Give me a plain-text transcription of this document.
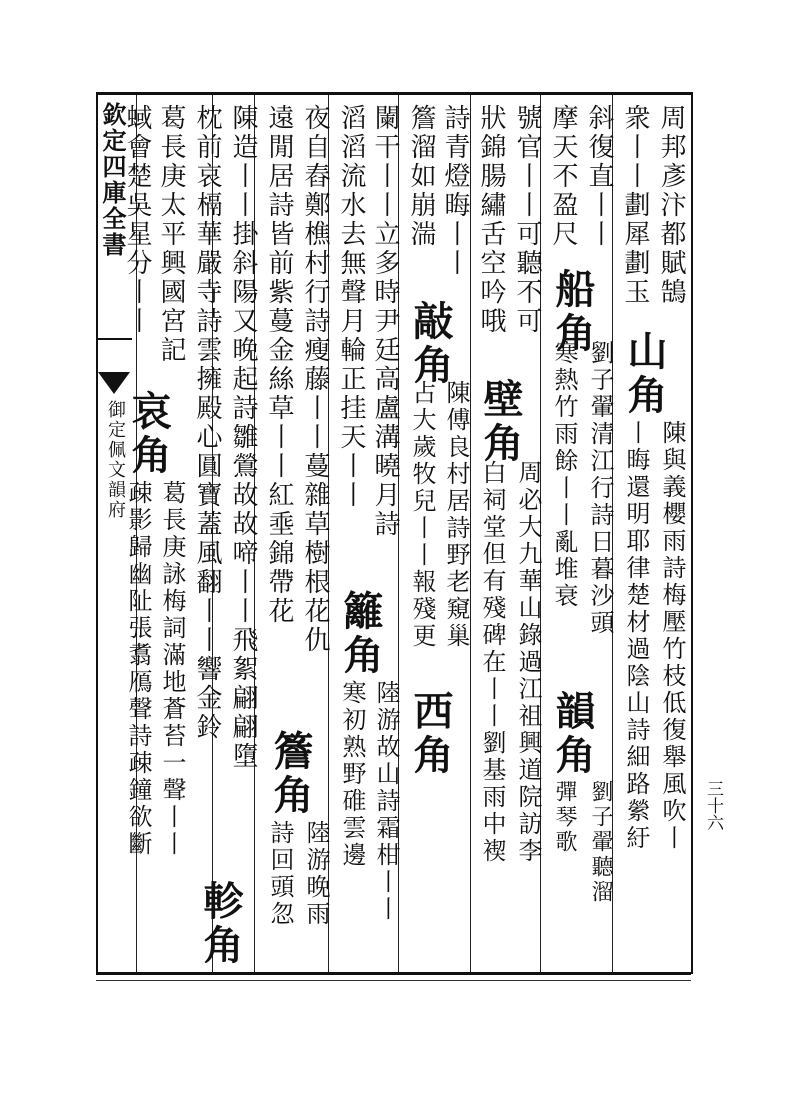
欽定四庫全書
御定佩文韻府
三十六
周邦彥汴都賦鵠
衆丨丨劃犀劃玉
斜復直丨丨
摩天不盈尺
號官丨丨可聽不可
狀錦腸繡舌空吟哦
詩青燈晦丨丨
簷溜如崩湍
闌干丨丨立多時尹廷高盧溝曉月詩
滔滔流水去無聲月輪正挂天丨丨
夜自舂鄭樵村行詩瘦藤丨丨蔓雜草樹根花仇
遠閒居詩皆前紫蔓金絲草丨丨紅埀錦帶花
陳造丨丨掛斜陽又晚起詩雛鶯故故啼丨丨飛絮翩翩墮
枕前哀槅華嚴寺詩雲擁殿心圓寶蓋風翻丨丨響金鈴
葛長庚太平興國宮記
蜮會楚吳星分丨丨
陳與義櫻雨詩梅壓竹枝低復舉風吹丨
丨晦還明耶律楚材過陰山詩細路縈紆
劉子翬清江行詩日暮沙頭
寒熱竹雨餘丨丨亂堆衰
劉子翬聽溜
彈琴歌
周必大九華山錄過江祖興道院訪李
白祠堂但有殘碑在丨丨劉基雨中褉
陳傅良村居詩野老窺巢
占大歲牧兒丨丨報殘更
陸游故山詩霜柑丨丨
寒初熟野碓雲邊
陸游晚雨
詩回頭忽
葛長庚詠梅詞滿地蒼苔一聲丨丨
疎影歸幽阯張翥鴈聲詩疎鐘欲斷
山角
船角
韻角
壁角
敲角
西角
籬角
簷角
軫角
哀角
